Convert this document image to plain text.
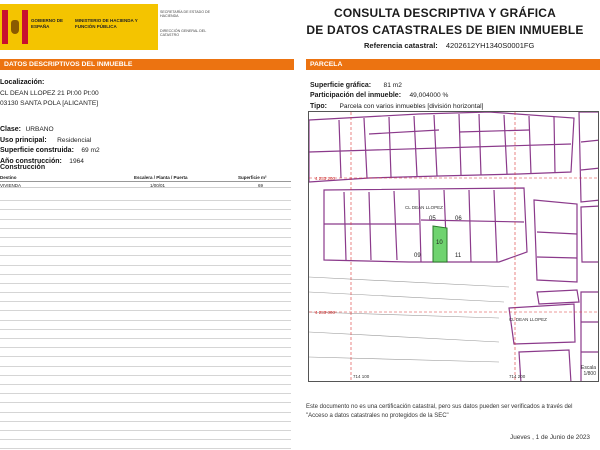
GOBIERNO DE ESPAÑA
MINISTERIO DE HACIENDA Y FUNCIÓN PÚBLICA
SECRETARÍA DE ESTADO DE HACIENDA
DIRECCIÓN GENERAL DEL CATASTRO
CONSULTA DESCRIPTIVA Y GRÁFICA
DE DATOS CATASTRALES DE BIEN INMUEBLE
Referencia catastral: 4202612YH1340S0001FG
DATOS DESCRIPTIVOS DEL INMUEBLE	PARCELA
Localización:
CL DEAN LLOPEZ 21 Pl:00 Pt:00
03130 SANTA POLA [ALICANTE]
Clase: URBANO
Uso principal: Residencial
Superficie construida: 69 m2
Año construcción: 1964
Construcción
Destino	Escalera / Planta / Puerta	Superficie m²
VIVIENDA	1/00/01	69
Superficie gráfica: 81 m2
Participación del inmueble: 49,004000 %
Tipo: Parcela con varios inmuebles [división horizontal]
4 233 200
4 233 000
714 100	714 200
CL DEAN LLOPEZ
CL DEAN LLOPEZ
05	06
10
11
09
Escala
1/800
Este documento no es una certificación catastral, pero sus datos pueden ser verificados a través del "Acceso a datos catastrales no protegidos de la SEC"
Jueves , 1 de Junio de 2023
